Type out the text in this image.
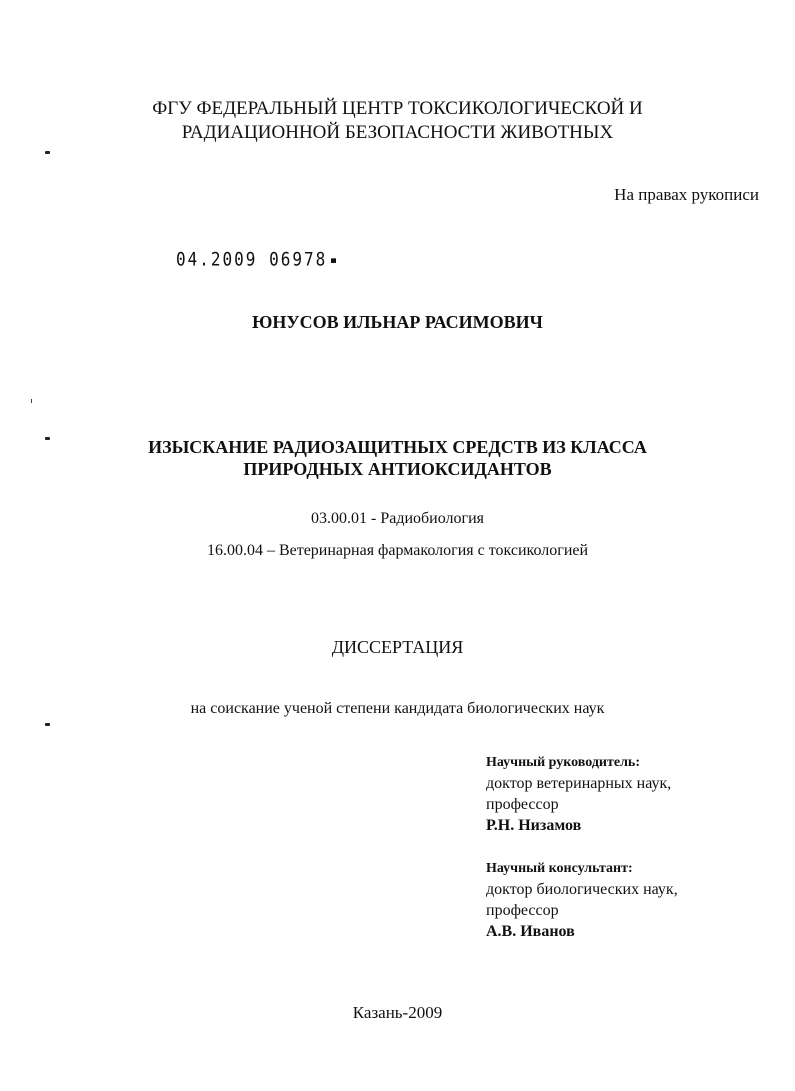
ФГУ ФЕДЕРАЛЬНЫЙ ЦЕНТР ТОКСИКОЛОГИЧЕСКОЙ И
РАДИАЦИОННОЙ БЕЗОПАСНОСТИ ЖИВОТНЫХ
На правах рукописи
04.2009 06978
ЮНУСОВ ИЛЬНАР РАСИМОВИЧ
ИЗЫСКАНИЕ РАДИОЗАЩИТНЫХ СРЕДСТВ ИЗ КЛАССА
ПРИРОДНЫХ АНТИОКСИДАНТОВ
03.00.01 - Радиобиология
16.00.04 – Ветеринарная фармакология с токсикологией
ДИССЕРТАЦИЯ
на соискание ученой степени кандидата биологических наук
Научный руководитель:
доктор ветеринарных наук,
профессор
Р.Н. Низамов
Научный консультант:
доктор биологических наук,
профессор
А.В. Иванов
Казань-2009
